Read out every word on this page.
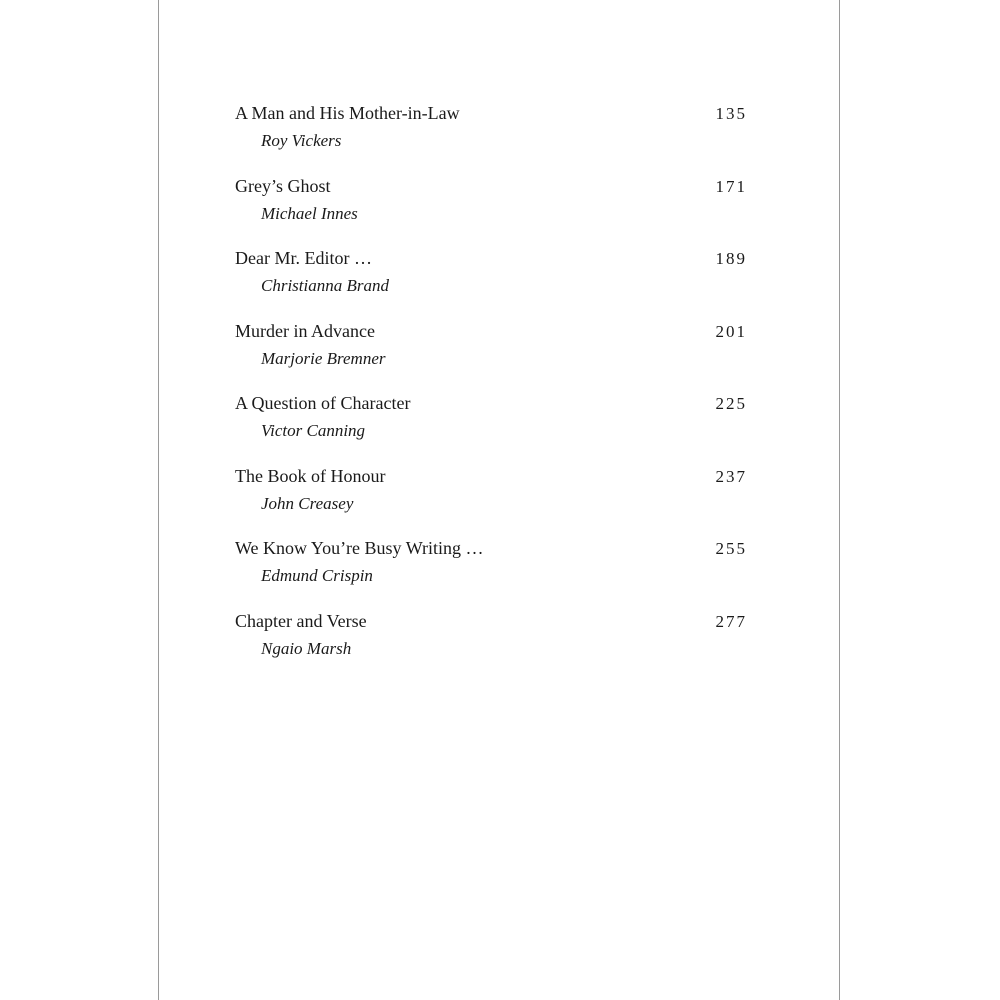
A Man and His Mother-in-Law	135
Roy Vickers
Grey’s Ghost	171
Michael Innes
Dear Mr. Editor …	189
Christianna Brand
Murder in Advance	201
Marjorie Bremner
A Question of Character	225
Victor Canning
The Book of Honour	237
John Creasey
We Know You’re Busy Writing …	255
Edmund Crispin
Chapter and Verse	277
Ngaio Marsh
